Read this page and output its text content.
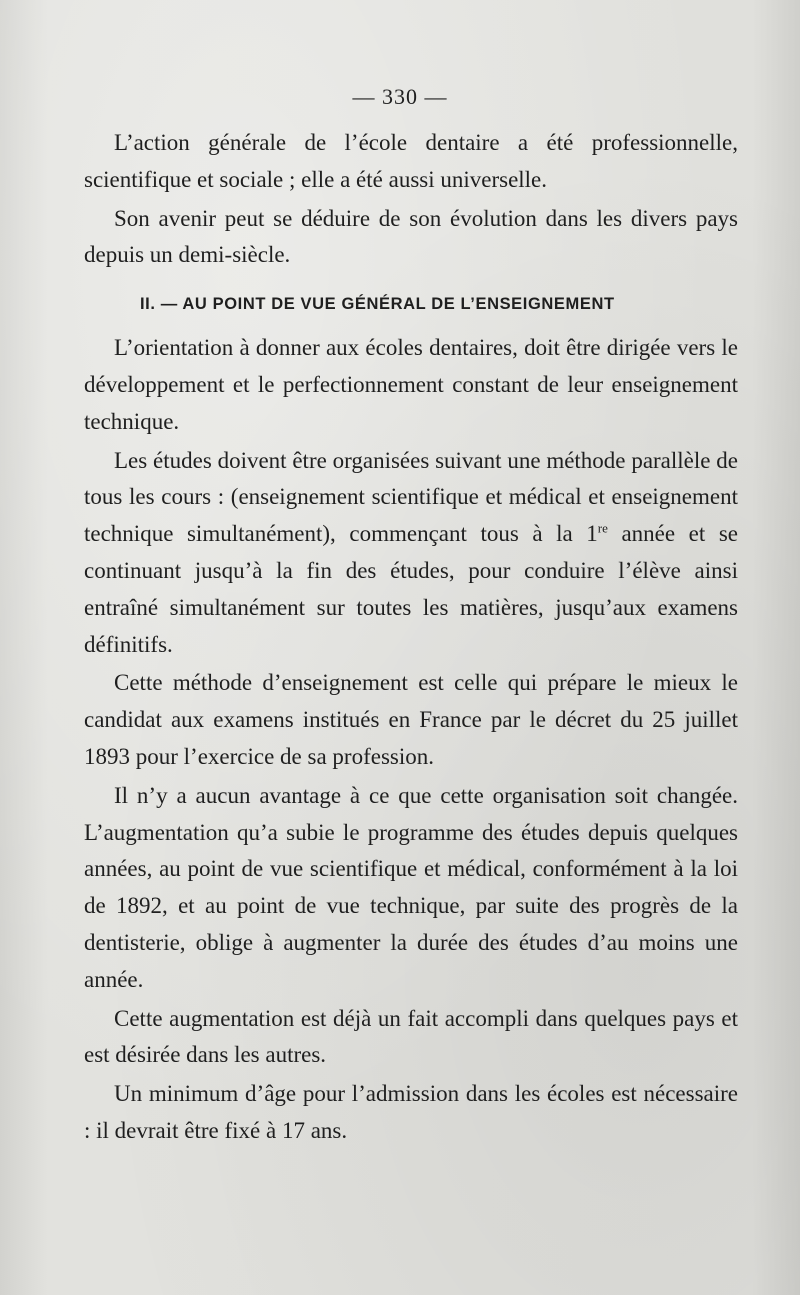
— 330 —

L’action générale de l’école dentaire a été professionnelle, scientifique et sociale ; elle a été aussi universelle.

Son avenir peut se déduire de son évolution dans les divers pays depuis un demi-siècle.

II. — AU POINT DE VUE GÉNÉRAL DE L’ENSEIGNEMENT

L’orientation à donner aux écoles dentaires, doit être dirigée vers le développement et le perfectionnement constant de leur enseignement technique.

Les études doivent être organisées suivant une méthode parallèle de tous les cours : (enseignement scientifique et médical et enseignement technique simultanément), commençant tous à la 1re année et se continuant jusqu’à la fin des études, pour conduire l’élève ainsi entraîné simultanément sur toutes les matières, jusqu’aux examens définitifs.

Cette méthode d’enseignement est celle qui prépare le mieux le candidat aux examens institués en France par le décret du 25 juillet 1893 pour l’exercice de sa profession.

Il n’y a aucun avantage à ce que cette organisation soit changée. L’augmentation qu’a subie le programme des études depuis quelques années, au point de vue scientifique et médical, conformément à la loi de 1892, et au point de vue technique, par suite des progrès de la dentisterie, oblige à augmenter la durée des études d’au moins une année.

Cette augmentation est déjà un fait accompli dans quelques pays et est désirée dans les autres.

Un minimum d’âge pour l’admission dans les écoles est nécessaire : il devrait être fixé à 17 ans.
